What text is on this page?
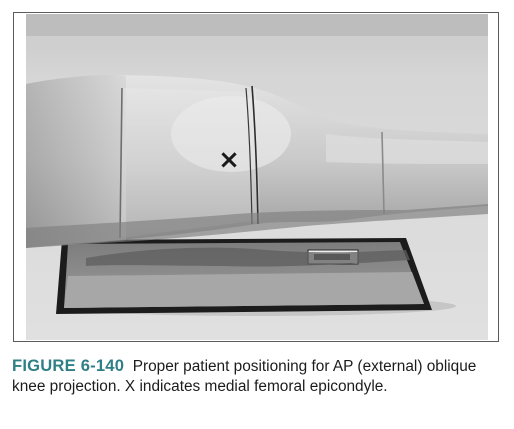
×

FIGURE 6-140 Proper patient positioning for AP (external) oblique knee projection. X indicates medial femoral epicondyle.
